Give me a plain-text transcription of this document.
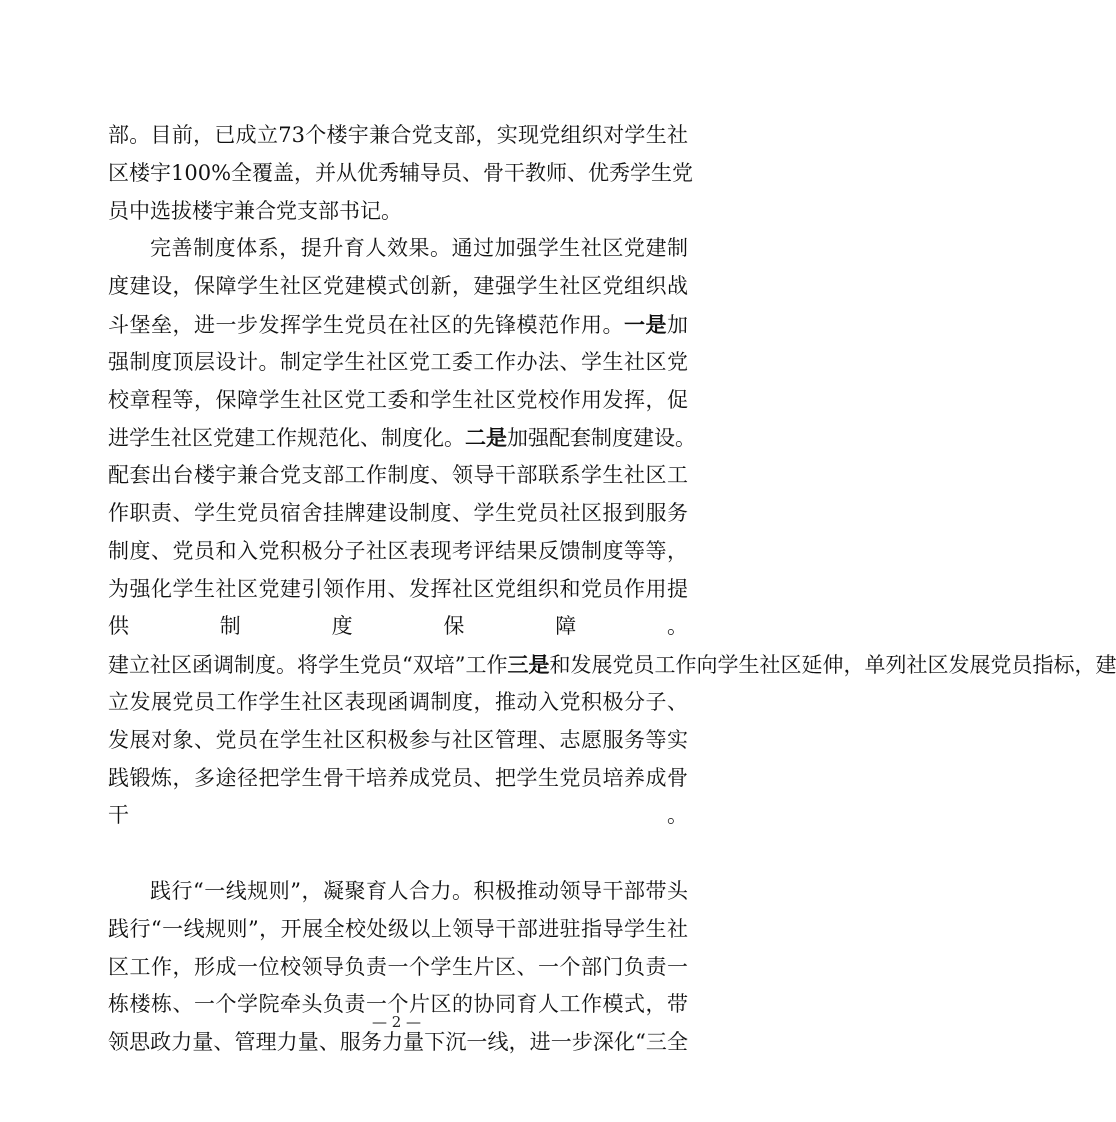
部。目前，已成立73个楼宇兼合党支部，实现党组织对学生社
区楼宇100%全覆盖，并从优秀辅导员、骨干教师、优秀学生党
员中选拔楼宇兼合党支部书记。
完善制度体系，提升育人效果。通过加强学生社区党建制
度建设，保障学生社区党建模式创新，建强学生社区党组织战
斗堡垒，进一步发挥学生党员在社区的先锋模范作用。一是加
强制度顶层设计。制定学生社区党工委工作办法、学生社区党
校章程等，保障学生社区党工委和学生社区党校作用发挥，促
进学生社区党建工作规范化、制度化。二是加强配套制度建设。
配套出台楼宇兼合党支部工作制度、领导干部联系学生社区工
作职责、学生党员宿舍挂牌建设制度、学生党员社区报到服务
制度、党员和入党积极分子社区表现考评结果反馈制度等等，
为强化学生社区党建引领作用、发挥社区党组织和党员作用提
供制度保障。
建立社区函调制度。将学生党员“双培”工作三是和发展党员工作向学生社区延伸，单列社区发展党员指标，建
立发展党员工作学生社区表现函调制度，推动入党积极分子、
发展对象、党员在学生社区积极参与社区管理、志愿服务等实
践锻炼，多途径把学生骨干培养成党员、把学生党员培养成骨
干。
践行“一线规则”，凝聚育人合力。积极推动领导干部带头
践行“一线规则”，开展全校处级以上领导干部进驻指导学生社
区工作，形成一位校领导负责一个学生片区、一个部门负责一
栋楼栋、一个学院牵头负责一个片区的协同育人工作模式，带
领思政力量、管理力量、服务力量下沉一线，进一步深化“三全
— 2 —
